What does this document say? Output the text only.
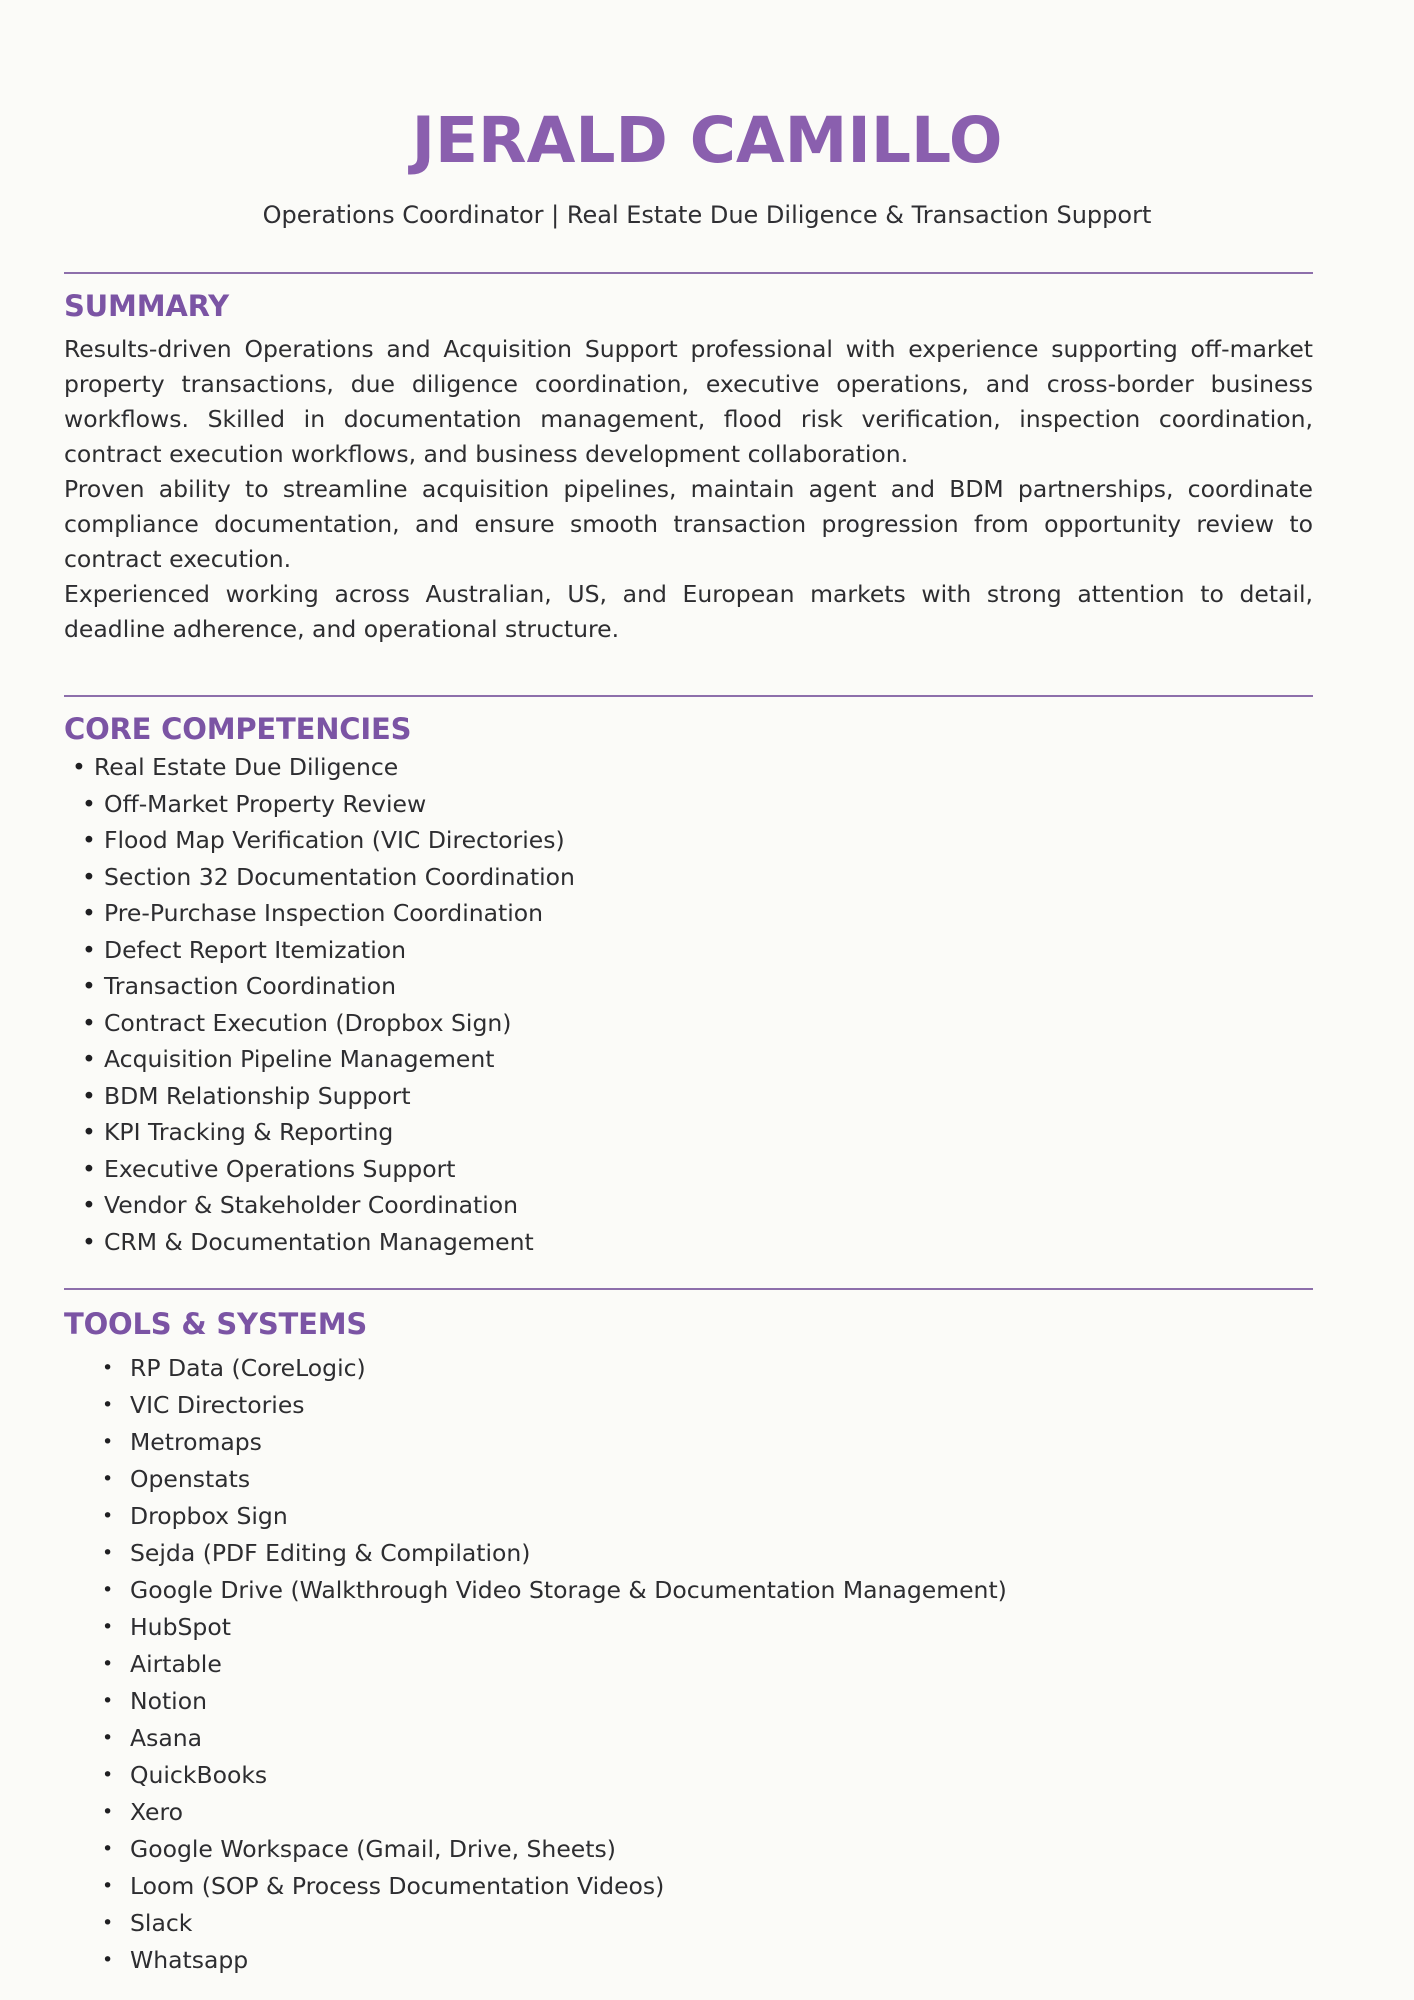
JERALD CAMILLO
Operations Coordinator | Real Estate Due Diligence & Transaction Support
SUMMARY

Results-driven Operations and Acquisition Support professional with experience supporting off-market property transactions, due diligence coordination, executive operations, and cross-border business workflows. Skilled in documentation management, flood risk verification, inspection coordination, contract execution workflows, and business development collaboration.

Proven ability to streamline acquisition pipelines, maintain agent and BDM partnerships, coordinate compliance documentation, and ensure smooth transaction progression from opportunity review to contract execution.

Experienced working across Australian, US, and European markets with strong attention to detail, deadline adherence, and operational structure.

CORE COMPETENCIES
• Real Estate Due Diligence
• Off-Market Property Review
• Flood Map Verification (VIC Directories)
• Section 32 Documentation Coordination
• Pre-Purchase Inspection Coordination
• Defect Report Itemization
• Transaction Coordination
• Contract Execution (Dropbox Sign)
• Acquisition Pipeline Management
• BDM Relationship Support
• KPI Tracking & Reporting
• Executive Operations Support
• Vendor & Stakeholder Coordination
• CRM & Documentation Management
TOOLS & SYSTEMS
• RP Data (CoreLogic)
• VIC Directories
• Metromaps
• Openstats
• Dropbox Sign
• Sejda (PDF Editing & Compilation)
• Google Drive (Walkthrough Video Storage & Documentation Management)
• HubSpot
• Airtable
• Notion
• Asana
• QuickBooks
• Xero
• Google Workspace (Gmail, Drive, Sheets)
• Loom (SOP & Process Documentation Videos)
• Slack
• Whatsapp
